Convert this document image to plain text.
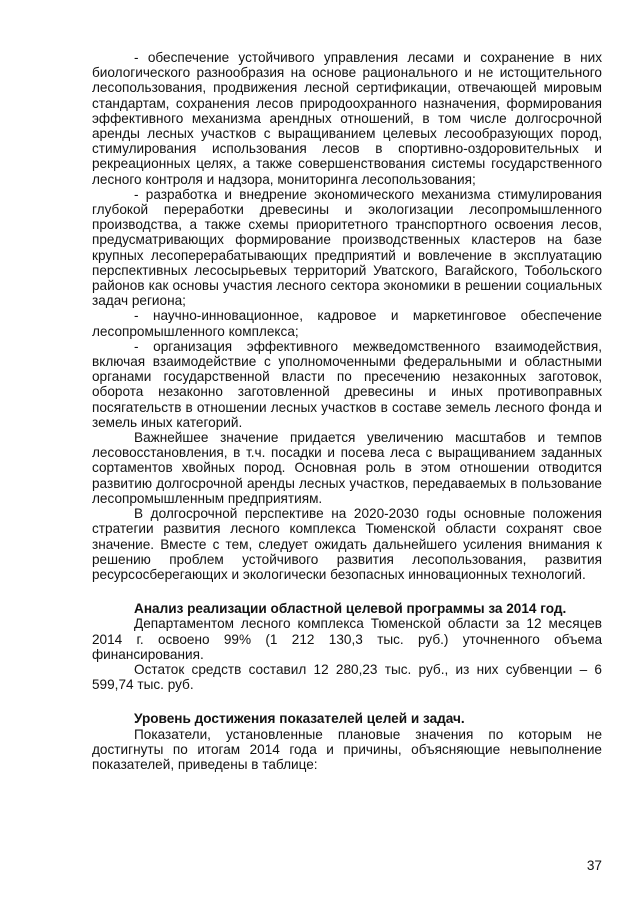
- обеспечение устойчивого управления лесами и сохранение в них биологического разнообразия на основе рационального и не истощительного лесопользования, продвижения лесной сертификации, отвечающей мировым стандартам, сохранения лесов природоохранного назначения, формирования эффективного механизма арендных отношений, в том числе долгосрочной аренды лесных участков с выращиванием целевых лесообразующих пород, стимулирования использования лесов в спортивно-оздоровительных и рекреационных целях, а также совершенствования системы государственного лесного контроля и надзора, мониторинга лесопользования;

- разработка и внедрение экономического механизма стимулирования глубокой переработки древесины и экологизации лесопромышленного производства, а также схемы приоритетного транспортного освоения лесов, предусматривающих формирование производственных кластеров на базе крупных лесоперерабатывающих предприятий и вовлечение в эксплуатацию перспективных лесосырьевых территорий Уватского, Вагайского, Тобольского районов как основы участия лесного сектора экономики в решении социальных задач региона;

- научно-инновационное, кадровое и маркетинговое обеспечение лесопромышленного комплекса;

- организация эффективного межведомственного взаимодействия, включая взаимодействие с уполномоченными федеральными и областными органами государственной власти по пресечению незаконных заготовок, оборота незаконно заготовленной древесины и иных противоправных посягательств в отношении лесных участков в составе земель лесного фонда и земель иных категорий.

Важнейшее значение придается увеличению масштабов и темпов лесовосстановления, в т.ч. посадки и посева леса с выращиванием заданных сортаментов хвойных пород. Основная роль в этом отношении отводится развитию долгосрочной аренды лесных участков, передаваемых в пользование лесопромышленным предприятиям.

В долгосрочной перспективе на 2020-2030 годы основные положения стратегии развития лесного комплекса Тюменской области сохранят свое значение. Вместе с тем, следует ожидать дальнейшего усиления внимания к решению проблем устойчивого развития лесопользования, развития ресурсосберегающих и экологически безопасных инновационных технологий.

Анализ реализации областной целевой программы за 2014 год.

Департаментом лесного комплекса Тюменской области за 12 месяцев 2014 г. освоено 99% (1 212 130,3 тыс. руб.) уточненного объема финансирования.

Остаток средств составил 12 280,23 тыс. руб., из них субвенции – 6 599,74 тыс. руб.

Уровень достижения показателей целей и задач.

Показатели, установленные плановые значения по которым не достигнуты по итогам 2014 года и причины, объясняющие невыполнение показателей, приведены в таблице:

37
